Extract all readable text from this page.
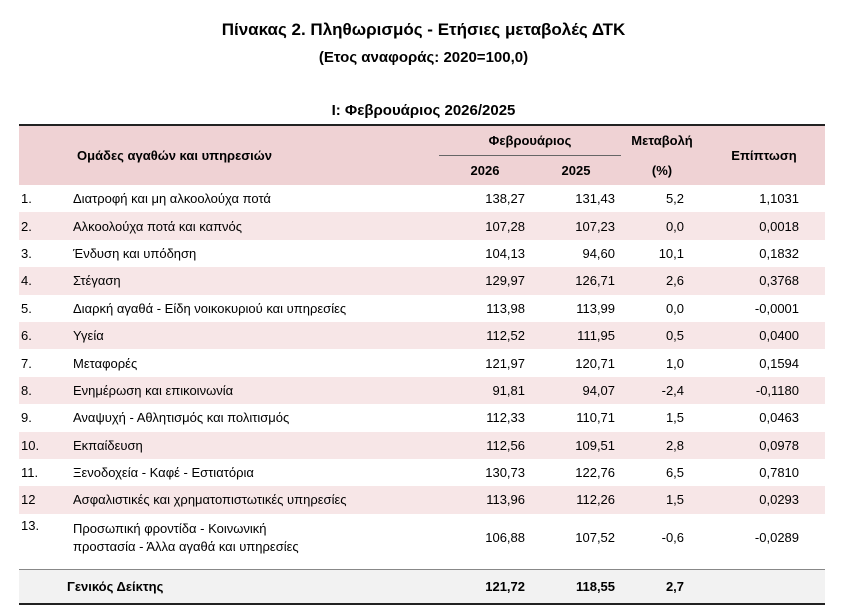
Πίνακας 2. Πληθωρισμός - Ετήσιες μεταβολές ΔΤΚ
(Ετος αναφοράς: 2020=100,0)
Ι: Φεβρουάριος 2026/2025
Ομάδες αγαθών και υπηρεσιών		Φεβρουάριος		Μεταβολή	Επίπτωση
		2026	2025	(%)	
1.	Διατροφή και μη αλκοολούχα ποτά	138,27	131,43	5,2	1,1031
2.	Αλκοολούχα ποτά και καπνός	107,28	107,23	0,0	0,0018
3.	Ένδυση και υπόδηση	104,13	94,60	10,1	0,1832
4.	Στέγαση	129,97	126,71	2,6	0,3768
5.	Διαρκή αγαθά - Είδη νοικοκυριού και υπηρεσίες	113,98	113,99	0,0	-0,0001
6.	Υγεία	112,52	111,95	0,5	0,0400
7.	Μεταφορές	121,97	120,71	1,0	0,1594
8.	Ενημέρωση και επικοινωνία	91,81	94,07	-2,4	-0,1180
9.	Αναψυχή - Αθλητισμός και πολιτισμός	112,33	110,71	1,5	0,0463
10.	Εκπαίδευση	112,56	109,51	2,8	0,0978
11.	Ξενοδοχεία - Καφέ - Εστιατόρια	130,73	122,76	6,5	0,7810
12	Ασφαλιστικές και χρηματοπιστωτικές υπηρεσίες	113,96	112,26	1,5	0,0293
13.	Προσωπική φροντίδα - Κοινωνική
προστασία - Άλλα αγαθά και υπηρεσίες	106,88	107,52	-0,6	-0,0289

Γενικός Δείκτης		121,72	118,55	2,7	
